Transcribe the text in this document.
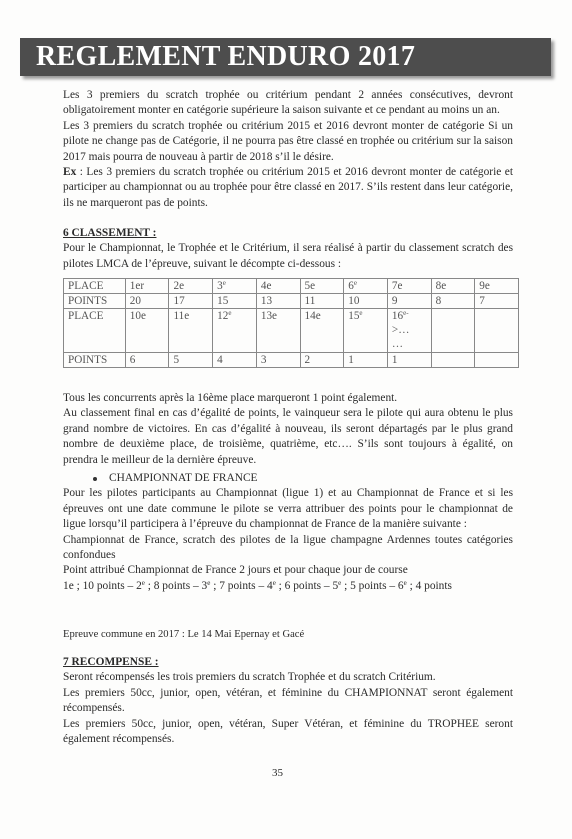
REGLEMENT ENDURO 2017

Les 3 premiers du scratch trophée ou critérium pendant 2 années consécutives, devront obligatoirement monter en catégorie supérieure la saison suivante et ce pendant au moins un an.

Les 3 premiers du scratch trophée ou critérium 2015 et 2016 devront monter de catégorie Si un pilote ne change pas de Catégorie, il ne pourra pas être classé en trophée ou critérium sur la saison 2017 mais pourra de nouveau à partir de 2018 s’il le désire.

Ex : Les 3 premiers du scratch trophée ou critérium 2015 et 2016 devront monter de catégorie et participer au championnat ou au trophée pour être classé en 2017. S’ils restent dans leur catégorie, ils ne marqueront pas de points.

6 CLASSEMENT :

Pour le Championnat, le Trophée et le Critérium, il sera réalisé à partir du classement scratch des pilotes LMCA de l’épreuve, suivant le décompte ci-dessous :

PLACE	1er	2e	3e	4e	5e	6e	7e	8e	9e
POINTS	20	17	15	13	11	10	9	8	7
PLACE	10e	11e	12e	13e	14e	15e	$16^{e-}$
>…
…		
POINTS	6	5	4	3	2	1	1		

Tous les concurrents après la 16ème place marqueront 1 point également.

Au classement final en cas d’égalité de points, le vainqueur sera le pilote qui aura obtenu le plus grand nombre de victoires. En cas d’égalité à nouveau, ils seront départagés par le plus grand nombre de deuxième place, de troisième, quatrième, etc…. S’ils sont toujours à égalité, on prendra le meilleur de la dernière épreuve.

CHAMPIONNAT DE FRANCE

Pour les pilotes participants au Championnat (ligue 1) et au Championnat de France et si les épreuves ont une date commune le pilote se verra attribuer des points pour le championnat de ligue lorsqu’il participera à l’épreuve du championnat de France de la manière suivante :

Championnat de France, scratch des pilotes de la ligue champagne Ardennes toutes catégories confondues

Point attribué Championnat de France 2 jours et pour chaque jour de course

1e ; 10 points – 2e ; 8 points – 3e ; 7 points – 4e ; 6 points – 5e ; 5 points – 6e ; 4 points

Epreuve commune en 2017 : Le 14 Mai Epernay et Gacé

7 RECOMPENSE :

Seront récompensés les trois premiers du scratch Trophée et du scratch Critérium.

Les premiers 50cc, junior, open, vétéran, et féminine du CHAMPIONNAT seront également récompensés.

Les premiers 50cc, junior, open, vétéran, Super Vétéran, et féminine du TROPHEE seront également récompensés.

35
